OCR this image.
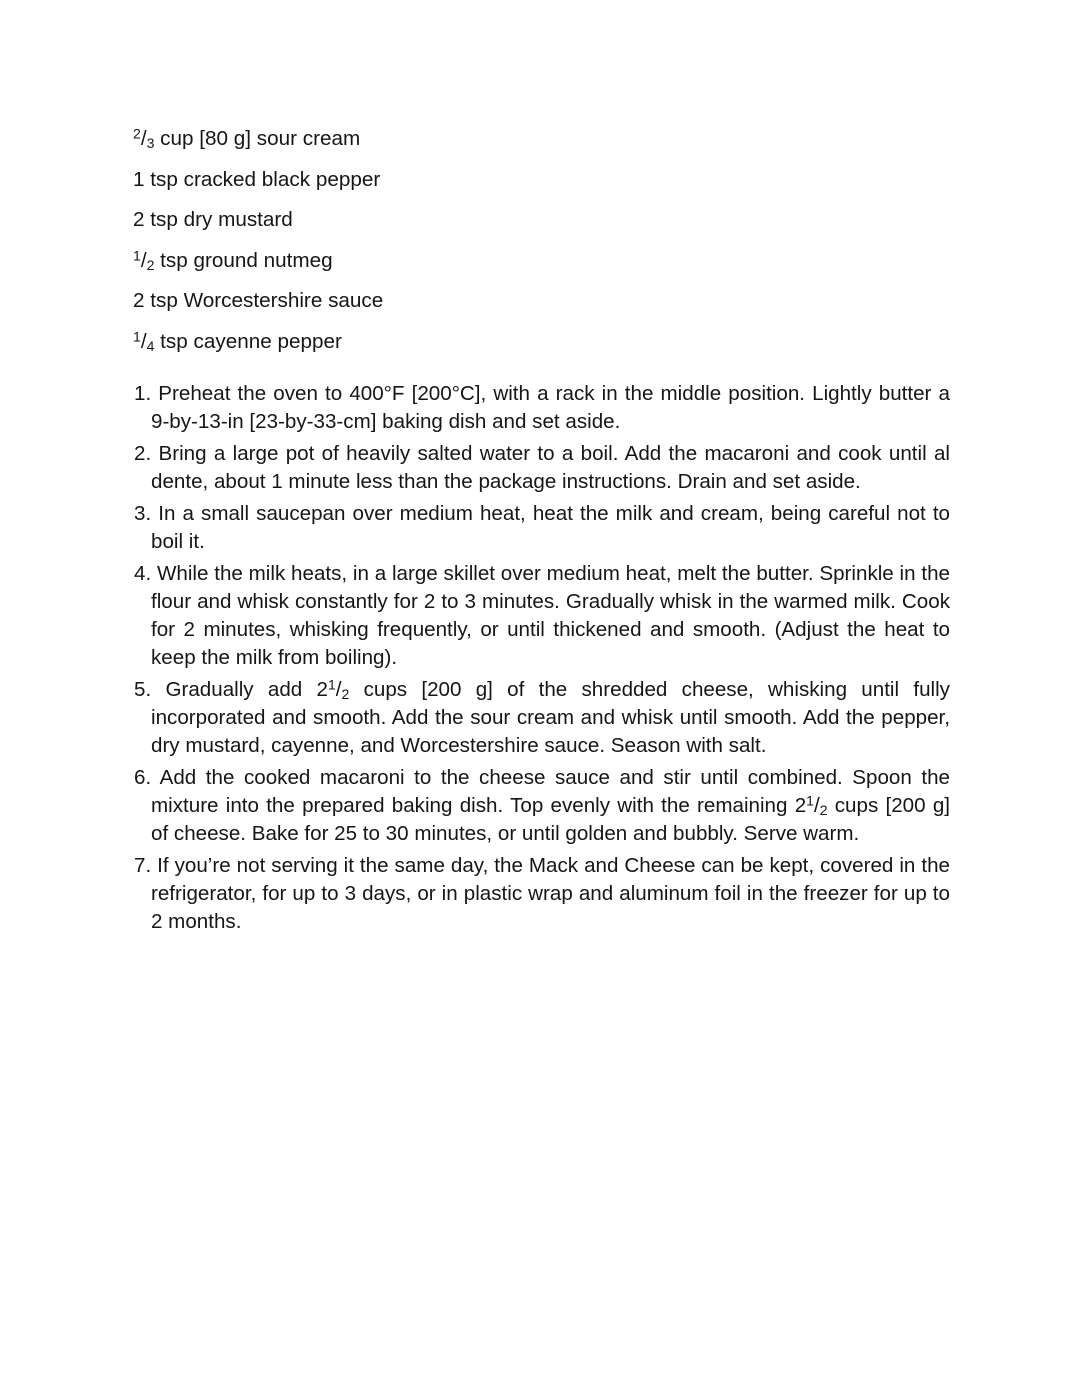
$^2$/3 cup [80 g] sour cream
1 tsp cracked black pepper
2 tsp dry mustard
$^1$/2 tsp ground nutmeg
2 tsp Worcestershire sauce
$^1$/4 tsp cayenne pepper
1. Preheat the oven to 400°F [200°C], with a rack in the middle position. Lightly butter a 9-by-13-in [23-by-33-cm] baking dish and set aside.
2. Bring a large pot of heavily salted water to a boil. Add the macaroni and cook until al dente, about 1 minute less than the package instructions. Drain and set aside.
3. In a small saucepan over medium heat, heat the milk and cream, being careful not to boil it.
4. While the milk heats, in a large skillet over medium heat, melt the butter. Sprinkle in the flour and whisk constantly for 2 to 3 minutes. Gradually whisk in the warmed milk. Cook for 2 minutes, whisking frequently, or until thickened and smooth. (Adjust the heat to keep the milk from boiling).
5. Gradually add $2^1/2$ cups [200 g] of the shredded cheese, whisking until fully incorporated and smooth. Add the sour cream and whisk until smooth. Add the pepper, dry mustard, cayenne, and Worcestershire sauce. Season with salt.
6. Add the cooked macaroni to the cheese sauce and stir until combined. Spoon the mixture into the prepared baking dish. Top evenly with the remaining $2^1/2$ cups [200 g] of cheese. Bake for 25 to 30 minutes, or until golden and bubbly. Serve warm.
7. If you’re not serving it the same day, the Mack and Cheese can be kept, covered in the refrigerator, for up to 3 days, or in plastic wrap and aluminum foil in the freezer for up to 2 months.
